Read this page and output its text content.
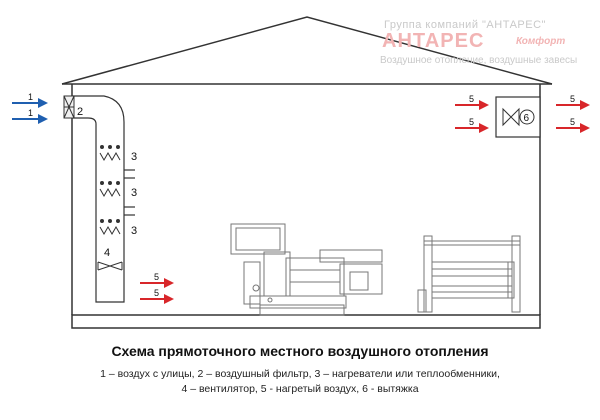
2
3
3
3
4
1
1
5
5
6
5
5
5
5
Группа компаний "АНТАРЕС"
АНТАРЕС	Комфорт
Воздушное отопление, воздушные завесы
Схема прямоточного местного воздушного отопления
1 – воздух с улицы, 2 – воздушный фильтр, 3 – нагреватели или теплообменники,
4 – вентилятор, 5 - нагретый воздух, 6 - вытяжка
